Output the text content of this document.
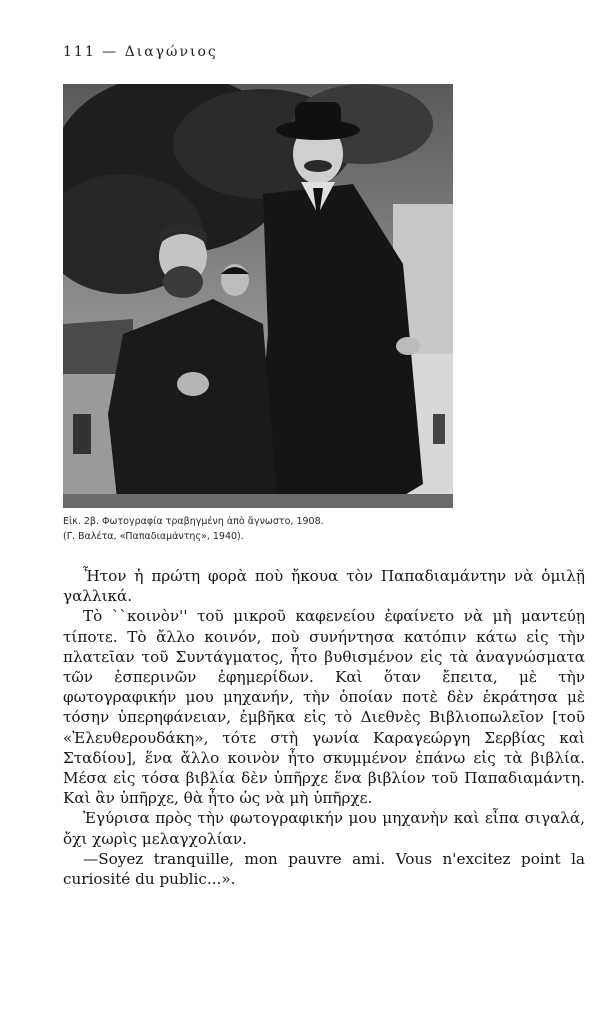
111 — Διαγώνιος
Εἰκ. 2β. Φωτογραφία τραβηγμένη ἀπὸ ἄγνωστο, 1908.
(Γ. Βαλέτα, «Παπαδιαμάντης», 1940).

Ἦτον ἡ πρώτη φορὰ ποὺ ἤκουα τὸν Παπαδιαμάντην νὰ ὁμιλῇ γαλλικά.

Τὸ ``κοινὸν'' τοῦ μικροῦ καφενείου ἐφαίνετο νὰ μὴ μαντεύῃ τίποτε. Τὸ ἄλλο κοινόν, ποὺ συνήντησα κατόπιν κάτω εἰς τὴν πλατεῖαν τοῦ Συντάγματος, ἦτο βυθισμένον εἰς τὰ ἀναγνώσματα τῶν ἑσπερινῶν ἐφημερίδων. Καὶ ὅταν ἔπειτα, μὲ τὴν φωτογραφικήν μου μηχανήν, τὴν ὁποίαν ποτὲ δὲν ἐκράτησα μὲ τόσην ὑπερηφάνειαν, ἐμβῆκα εἰς τὸ Διεθνὲς Βιβλιοπωλεῖον [τοῦ «Ἐλευθερουδάκη», τότε στὴ γωνία Καραγεώργη Σερβίας καὶ Σταδίου], ἕνα ἄλλο κοινὸν ἦτο σκυμμένον ἐπάνω εἰς τὰ βιβλία. Μέσα εἰς τόσα βιβλία δὲν ὑπῆρχε ἕνα βιβλίον τοῦ Παπαδιαμάντη. Καὶ ἂν ὑπῆρχε, θὰ ἦτο ὡς νὰ μὴ ὑπῆρχε.

Ἐγύρισα πρὸς τὴν φωτογραφικήν μου μηχανὴν καὶ εἶπα σιγαλά, ὄχι χωρὶς μελαγχολίαν.

—Soyez tranquille, mon pauvre ami. Vous n'excitez point la curiosité du public...».
